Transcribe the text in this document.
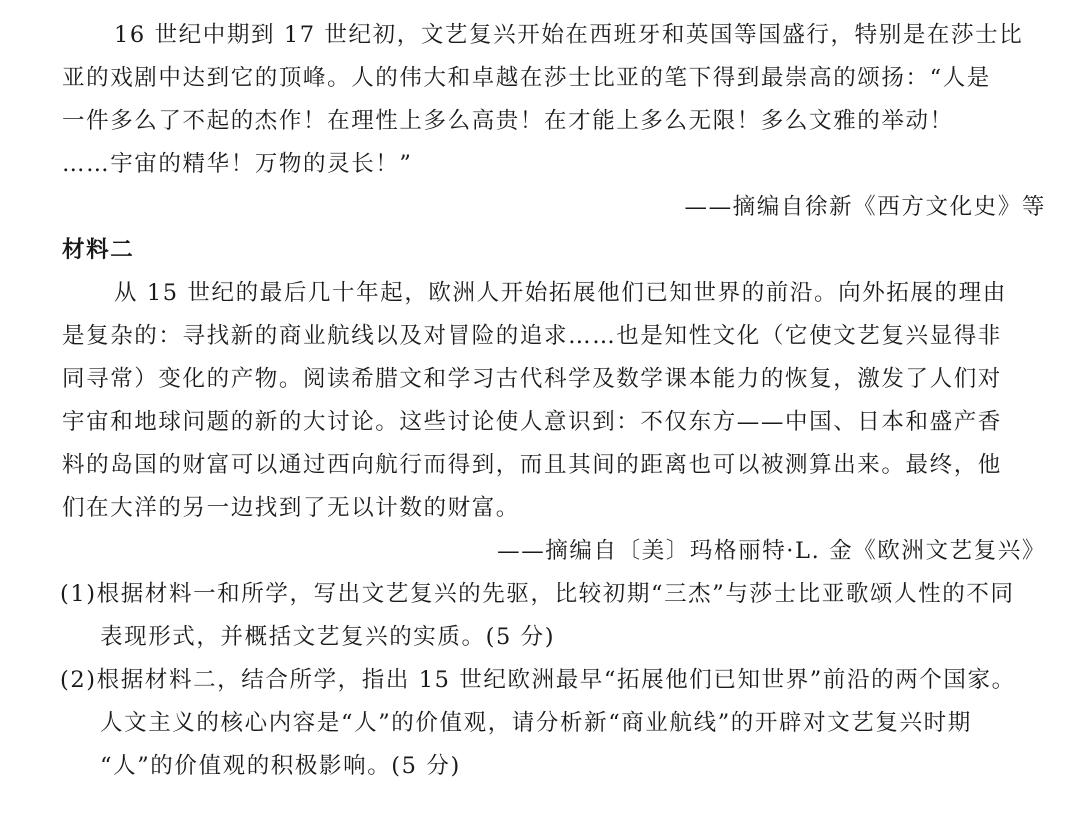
16 世纪中期到 17 世纪初，文艺复兴开始在西班牙和英国等国盛行，特别是在莎士比
亚的戏剧中达到它的顶峰。人的伟大和卓越在莎士比亚的笔下得到最崇高的颂扬：“人是
一件多么了不起的杰作！在理性上多么高贵！在才能上多么无限！多么文雅的举动！
……宇宙的精华！万物的灵长！”
——摘编自徐新《西方文化史》等
材料二
从 15 世纪的最后几十年起，欧洲人开始拓展他们已知世界的前沿。向外拓展的理由
是复杂的：寻找新的商业航线以及对冒险的追求……也是知性文化（它使文艺复兴显得非
同寻常）变化的产物。阅读希腊文和学习古代科学及数学课本能力的恢复，激发了人们对
宇宙和地球问题的新的大讨论。这些讨论使人意识到：不仅东方——中国、日本和盛产香
料的岛国的财富可以通过西向航行而得到，而且其间的距离也可以被测算出来。最终，他
们在大洋的另一边找到了无以计数的财富。
——摘编自〔美〕玛格丽特·L. 金《欧洲文艺复兴》
(1)根据材料一和所学，写出文艺复兴的先驱，比较初期“三杰”与莎士比亚歌颂人性的不同
表现形式，并概括文艺复兴的实质。(5 分)
(2)根据材料二，结合所学，指出 15 世纪欧洲最早“拓展他们已知世界”前沿的两个国家。
人文主义的核心内容是“人”的价值观，请分析新“商业航线”的开辟对文艺复兴时期
“人”的价值观的积极影响。(5 分)
